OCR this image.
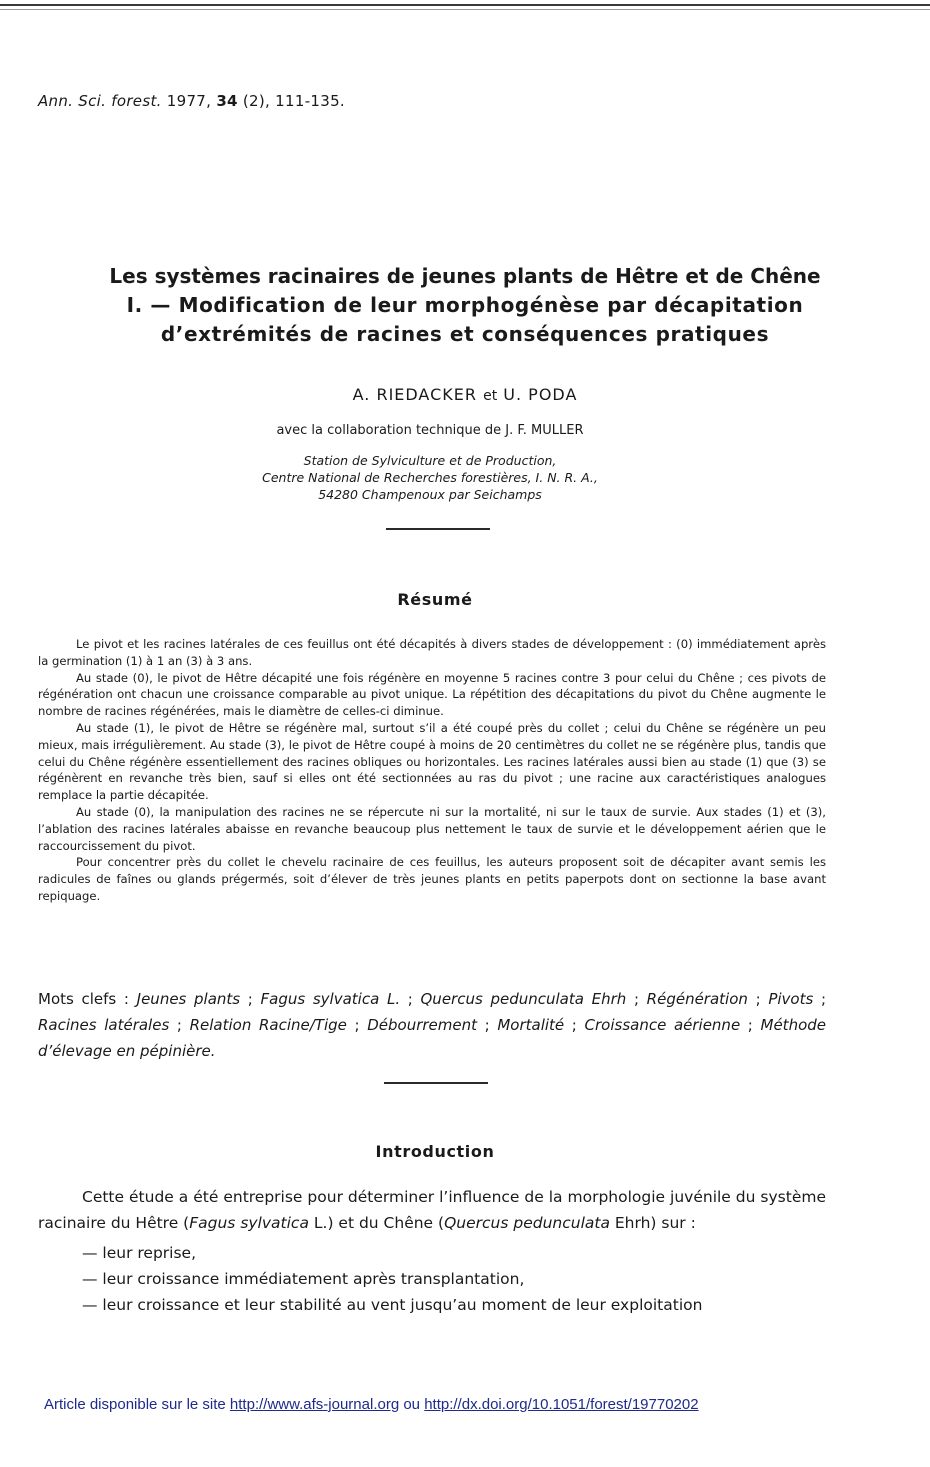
Ann. Sci. forest. 1977, 34 (2), 111-135.
Les systèmes racinaires de jeunes plants de Hêtre et de Chêne
I. — Modification de leur morphogénèse par décapitation
d’extrémités de racines et conséquences pratiques
A. RIEDACKER et U. PODA
avec la collaboration technique de J. F. MULLER
Station de Sylviculture et de Production,
Centre National de Recherches forestières, I. N. R. A.,
54280 Champenoux par Seichamps
Résumé

Le pivot et les racines latérales de ces feuillus ont été décapités à divers stades de développement : (0) immédiatement après la germination (1) à 1 an (3) à 3 ans.

Au stade (0), le pivot de Hêtre décapité une fois régénère en moyenne 5 racines contre 3 pour celui du Chêne ; ces pivots de régénération ont chacun une croissance comparable au pivot unique. La répétition des décapitations du pivot du Chêne augmente le nombre de racines régénérées, mais le diamètre de celles-ci diminue.

Au stade (1), le pivot de Hêtre se régénère mal, surtout s’il a été coupé près du collet ; celui du Chêne se régénère un peu mieux, mais irrégulièrement. Au stade (3), le pivot de Hêtre coupé à moins de 20 centimètres du collet ne se régénère plus, tandis que celui du Chêne régénère essentiellement des racines obliques ou horizontales. Les racines latérales aussi bien au stade (1) que (3) se régénèrent en revanche très bien, sauf si elles ont été sectionnées au ras du pivot ; une racine aux caractéristiques analogues remplace la partie décapitée.

Au stade (0), la manipulation des racines ne se répercute ni sur la mortalité, ni sur le taux de survie. Aux stades (1) et (3), l’ablation des racines latérales abaisse en revanche beaucoup plus nettement le taux de survie et le développement aérien que le raccourcissement du pivot.

Pour concentrer près du collet le chevelu racinaire de ces feuillus, les auteurs proposent soit de décapiter avant semis les radicules de faînes ou glands prégermés, soit d’élever de très jeunes plants en petits paperpots dont on sectionne la base avant repiquage.

Mots clefs : Jeunes plants ; Fagus sylvatica L. ; Quercus pedunculata Ehrh ; Régénération ; Pivots ; Racines latérales ; Relation Racine/Tige ; Débourrement ; Mortalité ; Croissance aérienne ; Méthode d’élevage en pépinière.
Introduction

Cette étude a été entreprise pour déterminer l’influence de la morphologie juvénile du système racinaire du Hêtre (Fagus sylvatica L.) et du Chêne (Quercus pedunculata Ehrh) sur :

— leur reprise,
— leur croissance immédiatement après transplantation,
— leur croissance et leur stabilité au vent jusqu’au moment de leur exploitation
Article disponible sur le site http://www.afs-journal.org ou http://dx.doi.org/10.1051/forest/19770202
